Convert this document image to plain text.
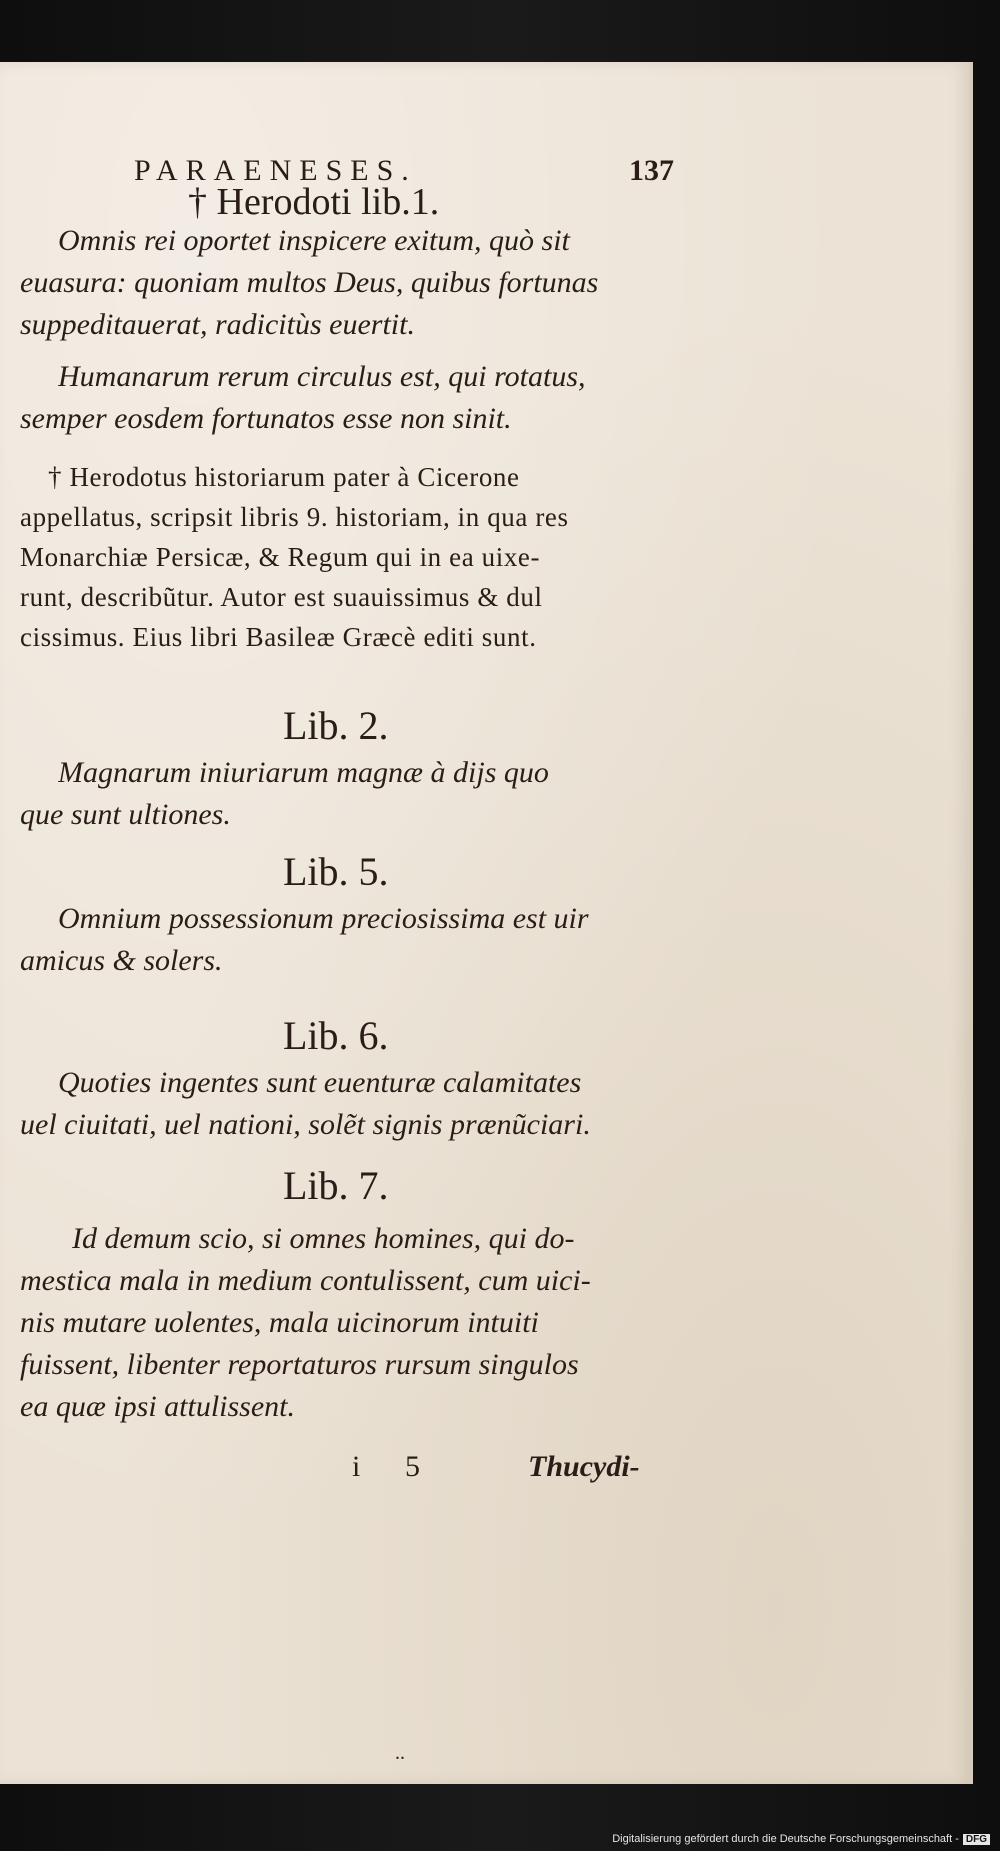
PARAENESES.	137
† Herodoti lib.1.
Omnis rei oportet inspicere exitum, quò sit
euasura: quoniam multos Deus, quibus fortunas
suppeditauerat, radicitùs euertit.
Humanarum rerum circulus est, qui rotatus,
semper eosdem fortunatos esse non sinit.
† Herodotus historiarum pater à Cicerone
appellatus, scripsit libris 9. historiam, in qua res
Monarchiæ Persicæ, & Regum qui in ea uixe-
runt, describũtur. Autor est suauissimus & dul
cissimus. Eius libri Basileæ Græcè editi sunt.
Lib. 2.
Magnarum iniuriarum magnæ à dijs quo
que sunt ultiones.
Lib. 5.
Omnium possessionum preciosissima est uir
amicus & solers.
Lib. 6.
Quoties ingentes sunt euenturæ calamitates
uel ciuitati, uel nationi, solẽt signis prænũciari.
Lib. 7.
Id demum scio, si omnes homines, qui do-
mestica mala in medium contulissent, cum uici-
nis mutare uolentes, mala uicinorum intuiti
fuissent, libenter reportaturos rursum singulos
ea quæ ipsi attulissent.
i 5	Thucydi-
..
Digitalisierung gefördert durch die Deutsche Forschungsgemeinschaft - DFG
